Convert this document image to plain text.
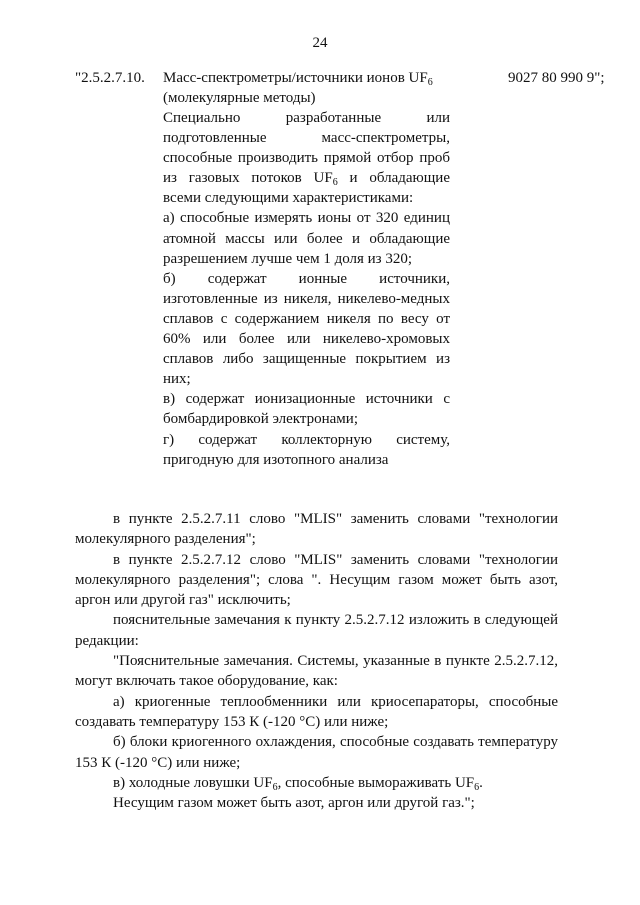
24
"2.5.2.7.10. Масс-спектрометры/источники ионов $UF_6$	9027 80 990 9";

(молекулярные методы)

Специально разработанные или подготовленные масс-спектрометры, способные производить прямой отбор проб из газовых потоков $UF_6$ и обладающие всеми следующими характеристиками:

а) способные измерять ионы от 320 единиц атомной массы или более и обладающие разрешением лучше чем 1 доля из 320;

б) содержат ионные источники, изготовленные из никеля, никелево-медных сплавов с содержанием никеля по весу от 60% или более или никелево-хромовых сплавов либо защищенные покрытием из них;

в) содержат ионизационные источники с бомбардировкой электронами;

г) содержат коллекторную систему, пригодную для изотопного анализа

в пункте 2.5.2.7.11 слово "MLIS" заменить словами "технологии молекулярного разделения";

в пункте 2.5.2.7.12 слово "MLIS" заменить словами "технологии молекулярного разделения"; слова ". Несущим газом может быть азот, аргон или другой газ" исключить;

пояснительные замечания к пункту 2.5.2.7.12 изложить в следующей редакции:

"Пояснительные замечания. Системы, указанные в пункте 2.5.2.7.12, могут включать такое оборудование, как:

а) криогенные теплообменники или криосепараторы, способные создавать температуру 153 К (-120 °С) или ниже;

б) блоки криогенного охлаждения, способные создавать температуру 153 К (-120 °С) или ниже;

в) холодные ловушки $UF_6$, способные вымораживать $UF_6$.

Несущим газом может быть азот, аргон или другой газ.";
